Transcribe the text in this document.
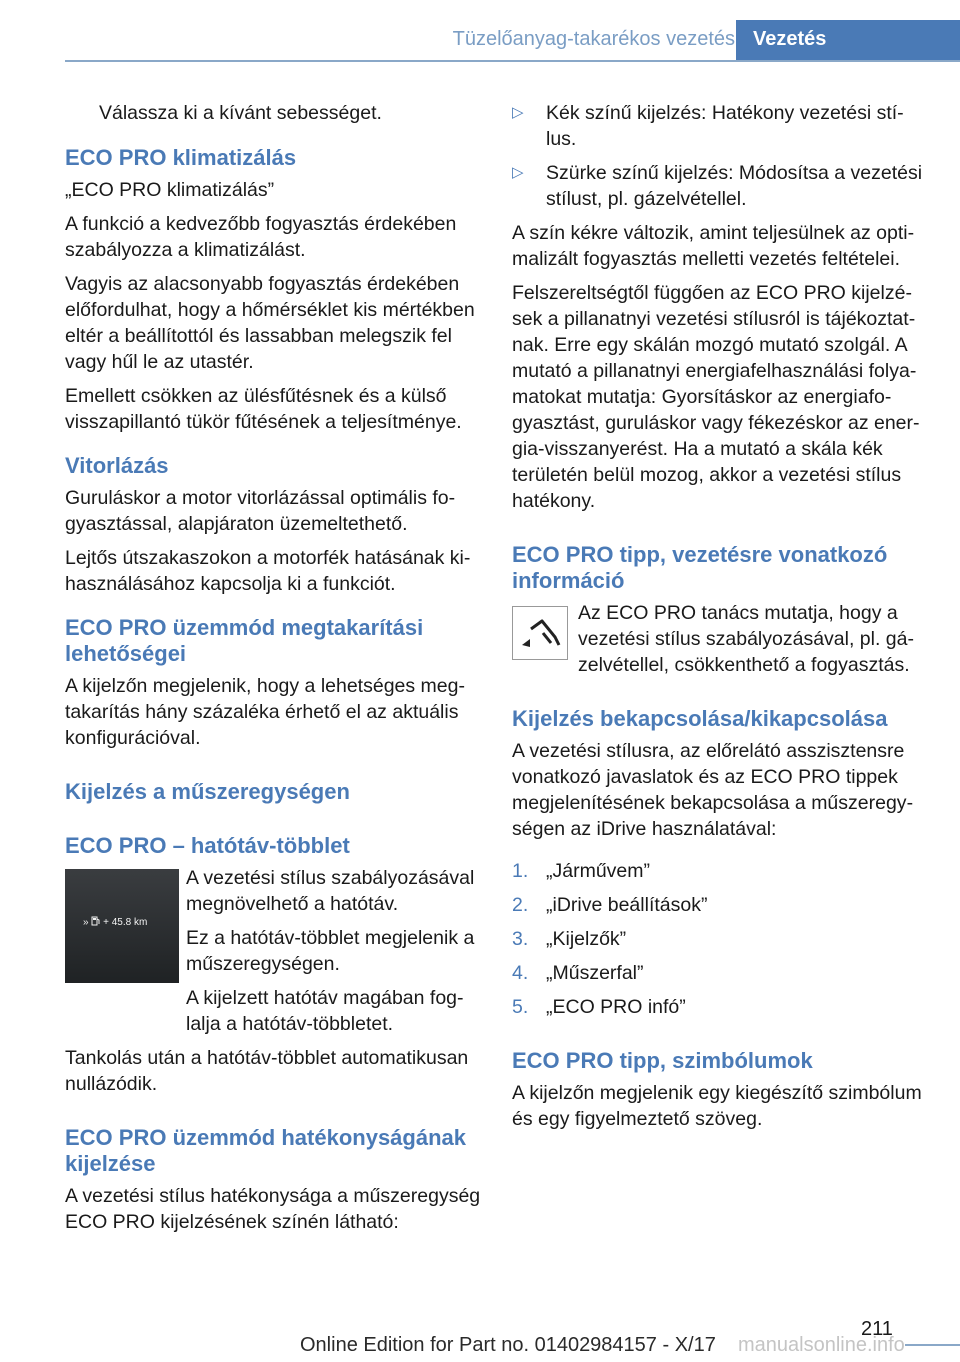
Tüzelőanyag-takarékos vezetés Vezetés

Válassza ki a kívánt sebességet.

ECO PRO klimatizálás

„ECO PRO klimatizálás”

A funkció a kedvezőbb fogyasztás érdekében szabályozza a klimatizálást.

Vagyis az alacsonyabb fogyasztás érdekében előfordulhat, hogy a hőmérséklet kis mértékben eltér a beállítottól és lassabban melegszik fel vagy hűl le az utastér.

Emellett csökken az ülésfűtésnek és a külső visszapillantó tükör fűtésének a teljesítménye.

Vitorlázás

Guruláskor a motor vitorlázással optimális fogyasztással, alapjáraton üzemeltethető.

Lejtős útszakaszokon a motorfék hatásának kihasználásához kapcsolja ki a funkciót.

ECO PRO üzemmód megtakarítási lehetőségei

A kijelzőn megjelenik, hogy a lehetséges megtakarítás hány százaléka érhető el az aktuális konfigurációval.

Kijelzés a műszeregységen
ECO PRO – hatótáv-többlet
» + 45.8 km

A vezetési stílus szabályozásával megnövelhető a hatótáv.

Ez a hatótáv-többlet megjelenik a műszeregységen.

A kijelzett hatótáv magában foglalja a hatótáv-többletet.

Tankolás után a hatótáv-többlet automatikusan nullázódik.

ECO PRO üzemmód hatékonyságának kijelzése

A vezetési stílus hatékonysága a műszeregység ECO PRO kijelzésének színén látható:

▷ Kék színű kijelzés: Hatékony vezetési stílus.
▷ Szürke színű kijelzés: Módosítsa a vezetési stílust, pl. gázelvétellel.

A szín kékre változik, amint teljesülnek az optimalizált fogyasztás melletti vezetés feltételei.

Felszereltségtől függően az ECO PRO kijelzések a pillanatnyi vezetési stílusról is tájékoztatnak. Erre egy skálán mozgó mutató szolgál. A mutató a pillanatnyi energiafelhasználási folyamatokat mutatja: Gyorsításkor az energiafogyasztást, guruláskor vagy fékezéskor az energia-visszanyerést. Ha a mutató a skála kék területén belül mozog, akkor a vezetési stílus hatékony.

ECO PRO tipp, vezetésre vonatkozó információ

Az ECO PRO tanács mutatja, hogy a vezetési stílus szabályozásával, pl. gázelvétellel, csökkenthető a fogyasztás.

Kijelzés bekapcsolása/kikapcsolása

A vezetési stílusra, az előrelátó asszisztensre vonatkozó javaslatok és az ECO PRO tippek megjelenítésének bekapcsolása a műszeregységen az iDrive használatával:

1. „Járművem”
2. „iDrive beállítások”
3. „Kijelzők”
4. „Műszerfal”
5. „ECO PRO infó”
ECO PRO tipp, szimbólumok

A kijelzőn megjelenik egy kiegészítő szimbólum és egy figyelmeztető szöveg.

211
Online Edition for Part no. 01402984157 - X/17 manualsonline.info
